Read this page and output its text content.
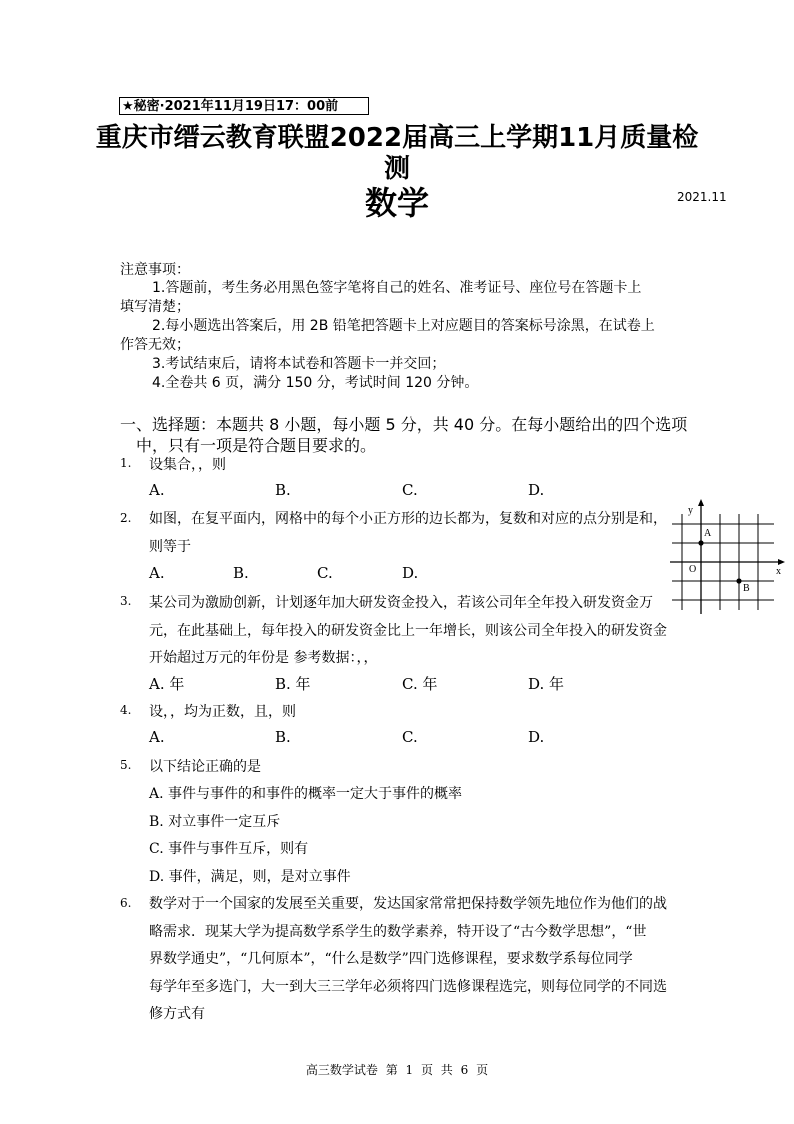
★秘密·2021年11月19日17：00前
重庆市缙云教育联盟2022届高三上学期11月质量检
测
数学	2021.11
注意事项：
1.答题前，考生务必用黑色签字笔将自己的姓名、准考证号、座位号在答题卡上
填写清楚；
2.每小题选出答案后，用 2B 铅笔把答题卡上对应题目的答案标号涂黑，在试卷上
作答无效；
3.考试结束后，请将本试卷和答题卡一并交回；
4.全卷共 6 页，满分 150 分，考试时间 120 分钟。
一、选择题：本题共 8 小题，每小题 5 分，共 40 分。在每小题给出的四个选项
中，只有一项是符合题目要求的。
1. 设集合，，则
A.	B.	C.	D.
2. 如图，在复平面内，网格中的每个小正方形的边长都为，复数和对应的点分别是和，
则等于
A.	B.	C.	D.
y
x
O
A
B
3. 某公司为激励创新，计划逐年加大研发资金投入，若该公司年全年投入研发资金万
元，在此基础上，每年投入的研发资金比上一年增长，则该公司全年投入的研发资金
开始超过万元的年份是 参考数据：，，
A. 年	B. 年	C. 年	D. 年
4. 设，，均为正数，且，则
A.	B.	C.	D.
5. 以下结论正确的是
A. 事件与事件的和事件的概率一定大于事件的概率
B. 对立事件一定互斥
C. 事件与事件互斥，则有
D. 事件，满足，则，是对立事件
6. 数学对于一个国家的发展至关重要，发达国家常常把保持数学领先地位作为他们的战
略需求．现某大学为提高数学系学生的数学素养，特开设了“古今数学思想”，“世
界数学通史”，“几何原本”，“什么是数学”四门选修课程，要求数学系每位同学
每学年至多选门，大一到大三三学年必须将四门选修课程选完，则每位同学的不同选
修方式有
高三数学试卷 第 1 页 共 6 页
